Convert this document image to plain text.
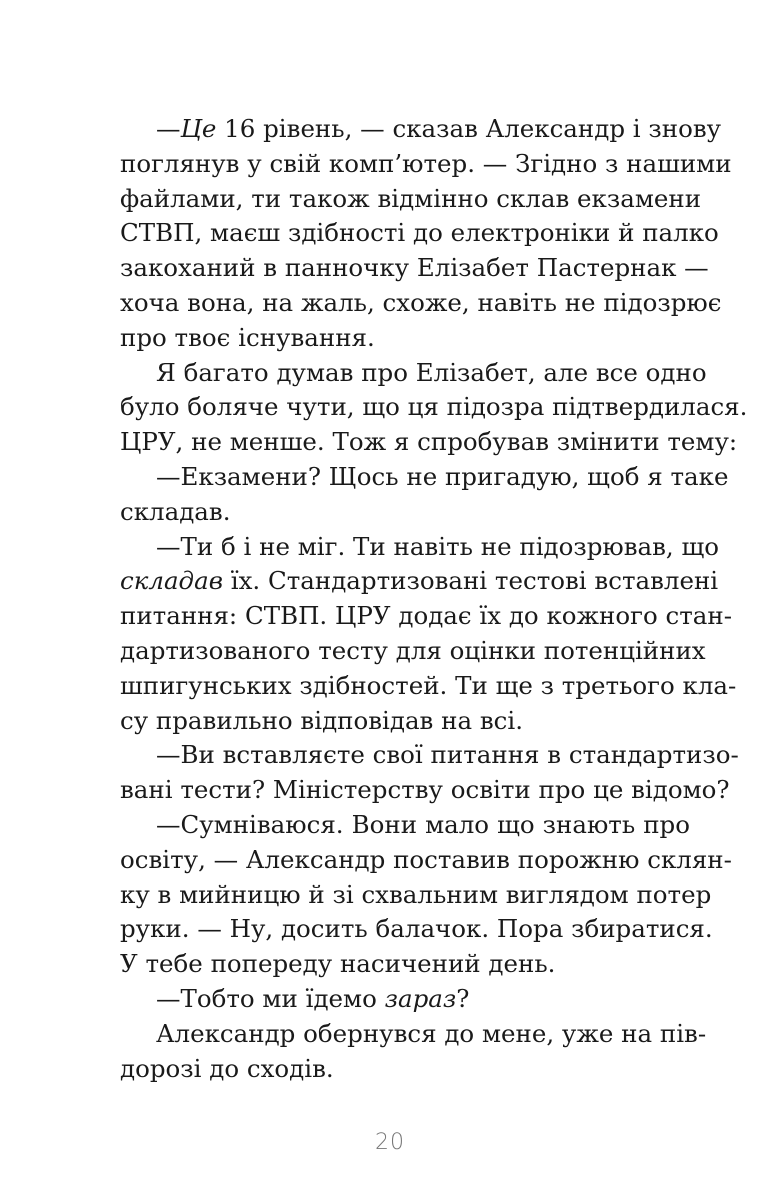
—Це 16 рівень, — сказав Александр і знову
поглянув у свій комп’ютер. — Згідно з нашими
файлами, ти також відмінно склав екзамени
СТВП, маєш здібності до електроніки й палко
закоханий в панночку Елізабет Пастернак —
хоча вона, на жаль, схоже, навіть не підозрює
про твоє існування.
Я багато думав про Елізабет, але все одно
було боляче чути, що ця підозра підтвердилася.
ЦРУ, не менше. Тож я спробував змінити тему:
—Екзамени? Щось не пригадую, щоб я таке
складав.
—Ти б і не міг. Ти навіть не підозрював, що
складав їх. Стандартизовані тестові вставлені
питання: СТВП. ЦРУ додає їх до кожного стан-
дартизованого тесту для оцінки потенційних
шпигунських здібностей. Ти ще з третього кла-
су правильно відповідав на всі.
—Ви вставляєте свої питання в стандартизо-
вані тести? Міністерству освіти про це відомо?
—Сумніваюся. Вони мало що знають про
освіту, — Александр поставив порожню склян-
ку в мийницю й зі схвальним виглядом потер
руки. — Ну, досить балачок. Пора збиратися.
У тебе попереду насичений день.
—Тобто ми їдемо зараз?
Александр обернувся до мене, уже на пів-
дорозі до сходів.
20
